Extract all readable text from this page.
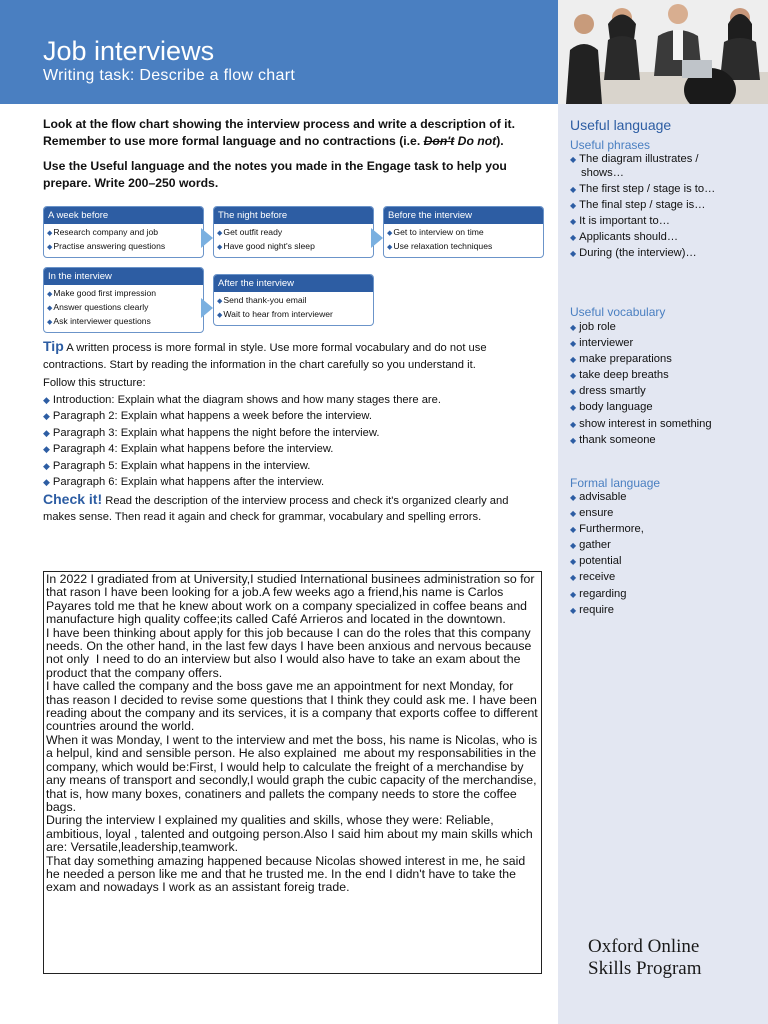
Job interviews
Writing task: Describe a flow chart

Look at the flow chart showing the interview process and write a description of it. Remember to use more formal language and no contractions (i.e. Don't Do not).

Use the Useful language and the notes you made in the Engage task to help you prepare. Write 200–250 words.

A week before
◆ Research company and job
◆ Practise answering questions
The night before
◆ Get outfit ready
◆ Have good night's sleep
Before the interview
◆ Get to interview on time
◆ Use relaxation techniques
In the interview
◆ Make good first impression
◆ Answer questions clearly
◆ Ask interviewer questions
After the interview
◆ Send thank-you email
◆ Wait to hear from interviewer

Tip A written process is more formal in style. Use more formal vocabulary and do not use contractions. Start by reading the information in the chart carefully so you understand it.

Follow this structure:

◆ Introduction: Explain what the diagram shows and how many stages there are.
◆ Paragraph 2: Explain what happens a week before the interview.
◆ Paragraph 3: Explain what happens the night before the interview.
◆ Paragraph 4: Explain what happens before the interview.
◆ Paragraph 5: Explain what happens in the interview.
◆ Paragraph 6: Explain what happens after the interview.

Check it! Read the description of the interview process and check it's organized clearly and makes sense. Then read it again and check for grammar, vocabulary and spelling errors.

In 2022 I gradiated from at University,I studied International businees administration so for that rason I have been looking for a job.A few weeks ago a friend,his name is Carlos Payares told me that he knew about work on a company specialized in coffee beans and manufacture high quality coffee;its called Café Arrieros and located in the downtown.
I have been thinking about apply for this job because I can do the roles that this company needs. On the other hand, in the last few days I have been anxious and nervous because not only  I need to do an interview but also I would also have to take an exam about the product that the company offers.
I have called the company and the boss gave me an appointment for next Monday, for thas reason I decided to revise some questions that I think they could ask me. I have been reading about the company and its services, it is a company that exports coffee to different countries around the world.
When it was Monday, I went to the interview and met the boss, his name is Nicolas, who is a helpul, kind and sensible person. He also explained  me about my responsabilities in the company, which would be:First, I would help to calculate the freight of a merchandise by any means of transport and secondly,I would graph the cubic capacity of the merchandise, that is, how many boxes, conatiners and pallets the company needs to store the coffee bags.
During the interview I explained my qualities and skills, whose they were: Reliable, ambitious, loyal , talented and outgoing person.Also I said him about my main skills which are: Versatile,leadership,teamwork.
That day something amazing happened because Nicolas showed interest in me, he said he needed a person like me and that he trusted me. In the end I didn't have to take the exam and nowadays I work as an assistant foreig trade.
Useful language
Useful phrases
◆ The diagram illustrates / shows…
◆ The first step / stage is to…
◆ The final step / stage is…
◆ It is important to…
◆ Applicants should…
◆ During (the interview)…
Useful vocabulary
◆ job role
◆ interviewer
◆ make preparations
◆ take deep breaths
◆ dress smartly
◆ body language
◆ show interest in something
◆ thank someone
Formal language
◆ advisable
◆ ensure
◆ Furthermore,
◆ gather
◆ potential
◆ receive
◆ regarding
◆ require
Oxford Online
Skills Program
